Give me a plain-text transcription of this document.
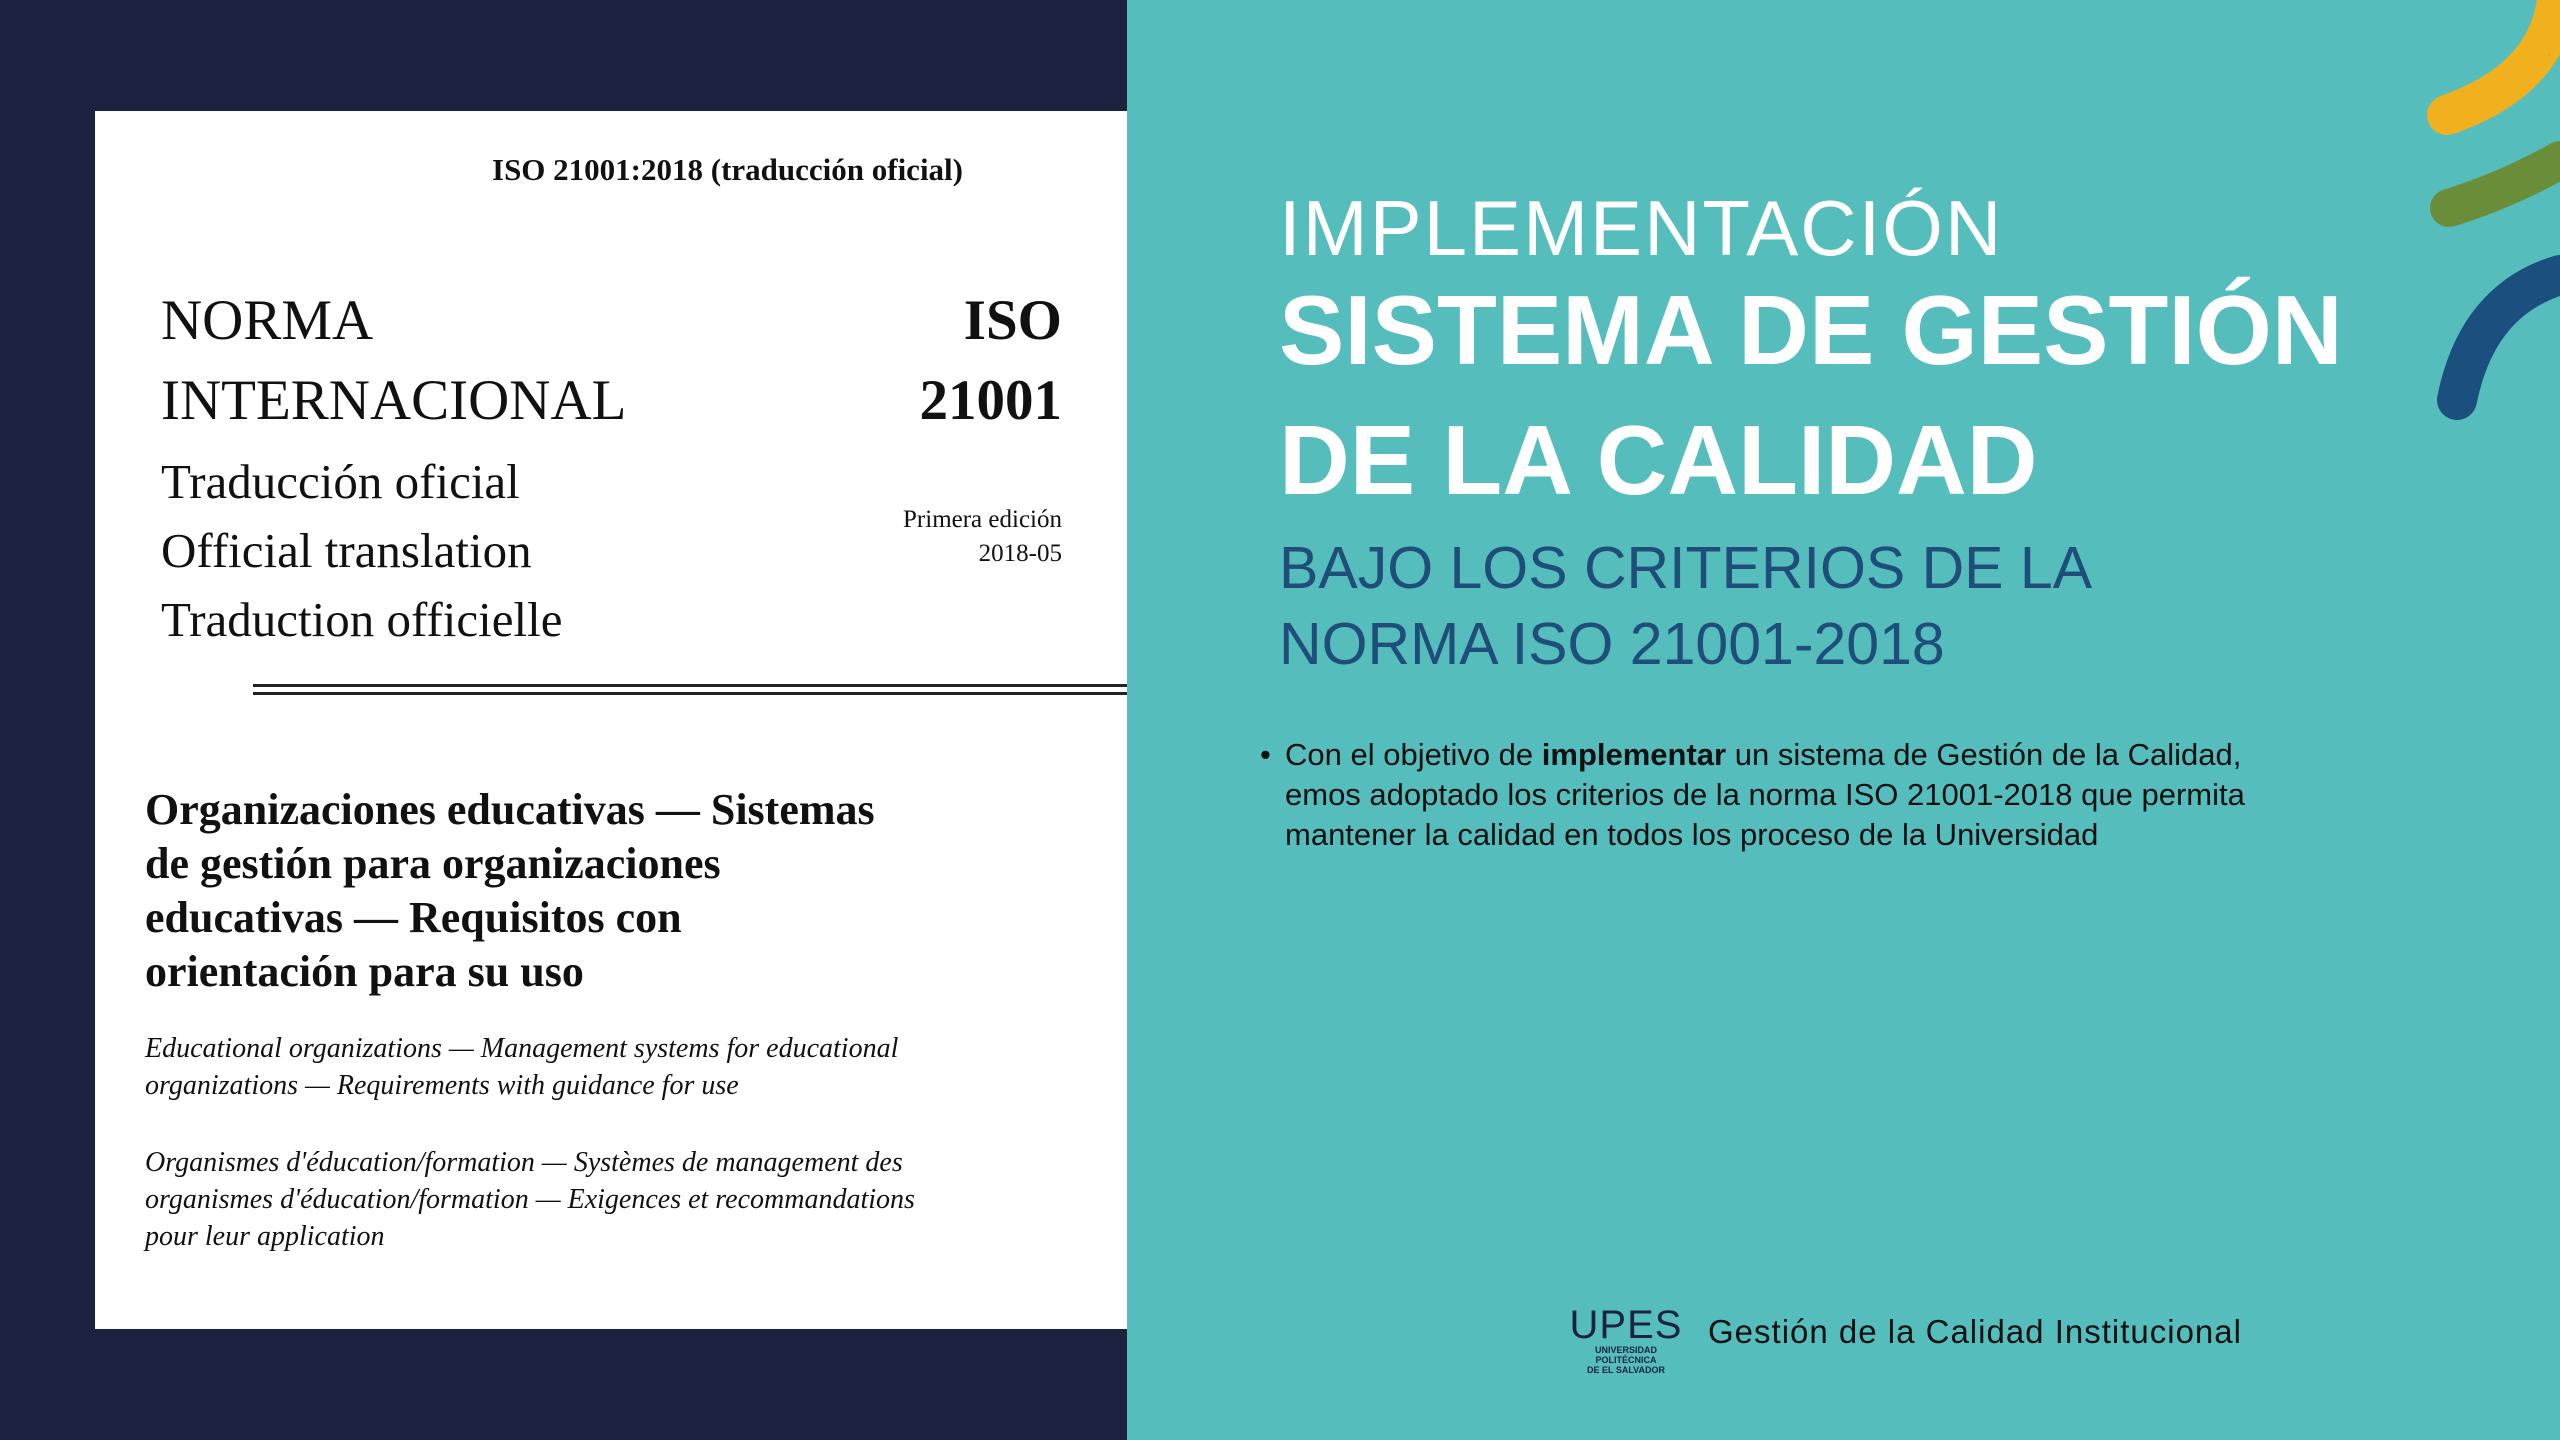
ISO 21001:2018 (traducción oficial)
NORMA
INTERNACIONAL
ISO
21001
Traducción oficial
Official translation
Traduction officielle
Primera edición
2018-05
Organizaciones educativas — Sistemas
de gestión para organizaciones
educativas — Requisitos con
orientación para su uso
Educational organizations — Management systems for educational
organizations — Requirements with guidance for use
Organismes d'éducation/formation — Systèmes de management des
organismes d'éducation/formation — Exigences et recommandations
pour leur application
IMPLEMENTACIÓN
SISTEMA DE GESTIÓN
DE LA CALIDAD
BAJO LOS CRITERIOS DE LA
NORMA ISO 21001-2018
• Con el objetivo de implementar un sistema de Gestión de la Calidad,
emos adoptado los criterios de la norma ISO 21001-2018 que permita
mantener la calidad en todos los proceso de la Universidad
UPES
UNIVERSIDAD POLITÉCNICA
DE EL SALVADOR
Gestión de la Calidad Institucional
